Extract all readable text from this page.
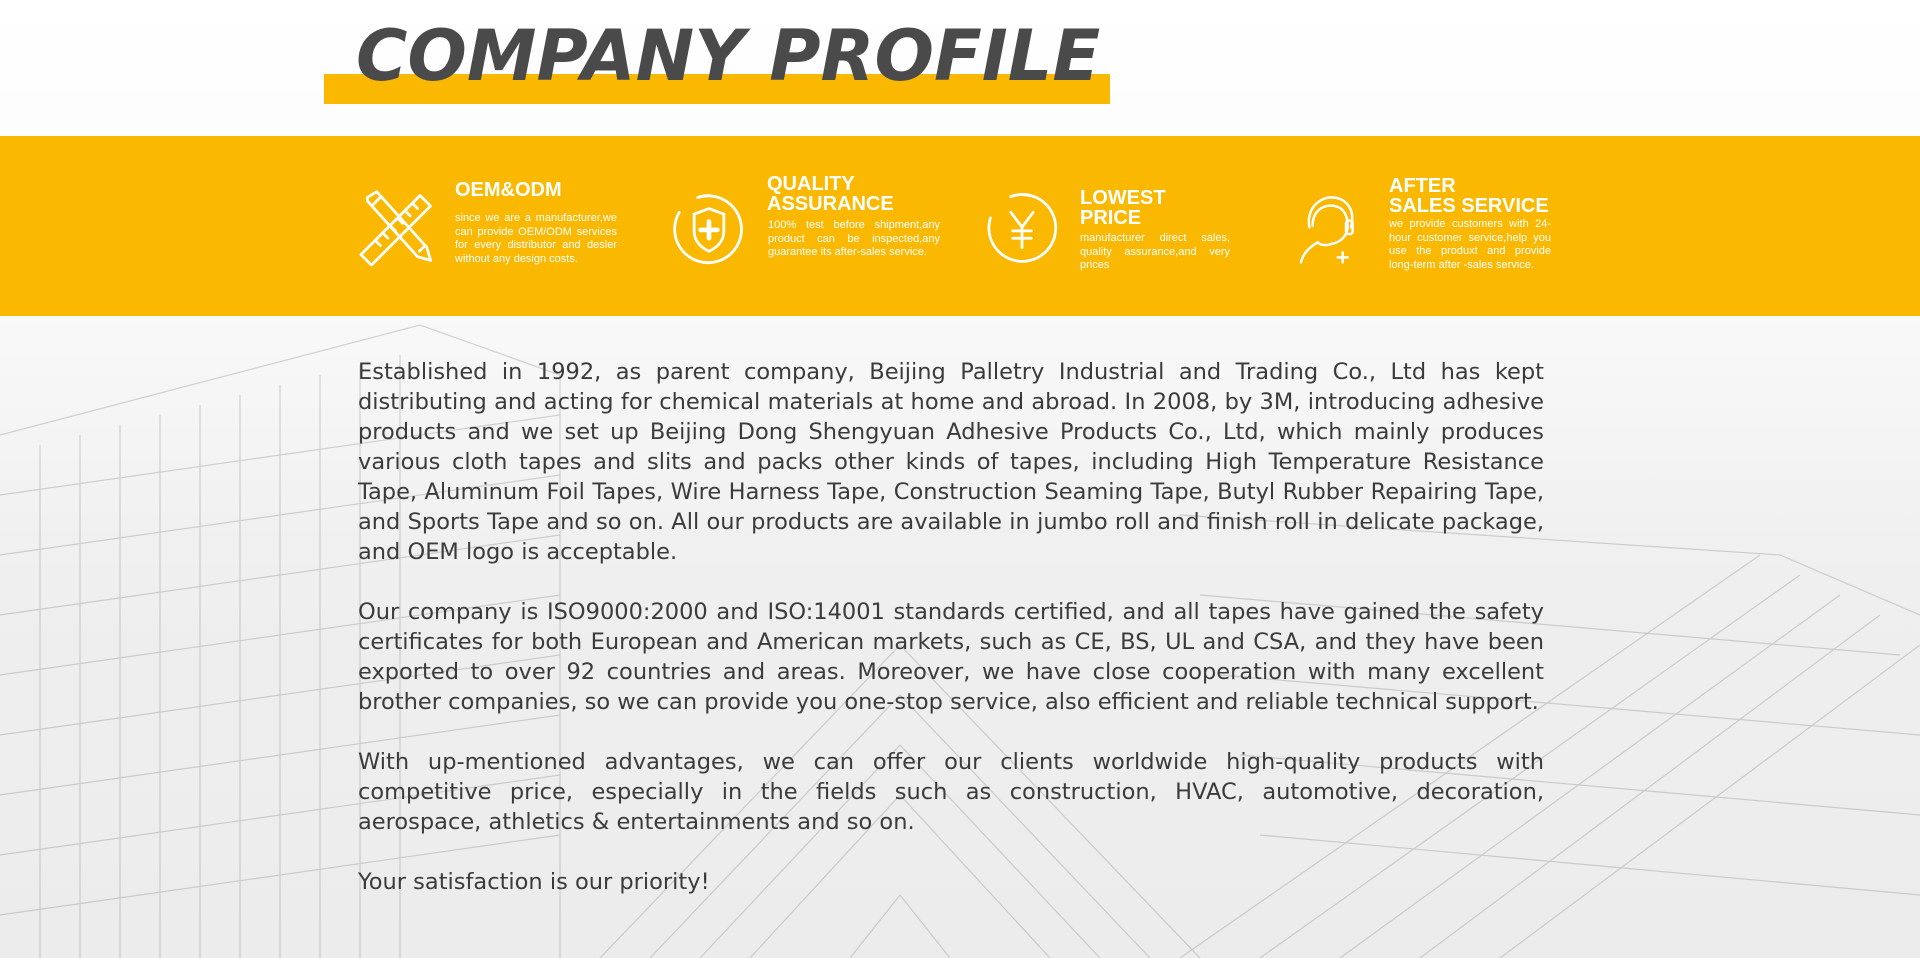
COMPANY PROFILE
OEM&ODM
since we are a manufacturer,we can provide OEM/ODM services for every distributor and desler without any design costs.
QUALITY
ASSURANCE
100% test before shipment,any product can be inspected,any guarantee its after-sales service.
LOWEST
PRICE
manufacturer direct sales, quality assurance,and very prices
AFTER
SALES SERVICE
we provide customers with 24-hour customer service,help you use the produxt and provide long-term after -sales service.

Established in 1992, as parent company, Beijing Palletry Industrial and Trading Co., Ltd has kept distributing and acting for chemical materials at home and abroad. In 2008, by 3M, introducing adhesive products and we set up Beijing Dong Shengyuan Adhesive Products Co., Ltd, which mainly produces various cloth tapes and slits and packs other kinds of tapes, including High Temperature Resistance Tape, Aluminum Foil Tapes, Wire Harness Tape, Construction Seaming Tape, Butyl Rubber Repairing Tape, and Sports Tape and so on. All our products are available in jumbo roll and finish roll in delicate package, and OEM logo is acceptable.

Our company is ISO9000:2000 and ISO:14001 standards certified, and all tapes have gained the safety certificates for both European and American markets, such as CE, BS, UL and CSA, and they have been exported to over 92 countries and areas. Moreover, we have close cooperation with many excellent brother companies, so we can provide you one-stop service, also efficient and reliable technical support.

With up-mentioned advantages, we can offer our clients worldwide high-quality products with competitive price, especially in the fields such as construction, HVAC, automotive, decoration, aerospace, athletics & entertainments and so on.

Your satisfaction is our priority!
